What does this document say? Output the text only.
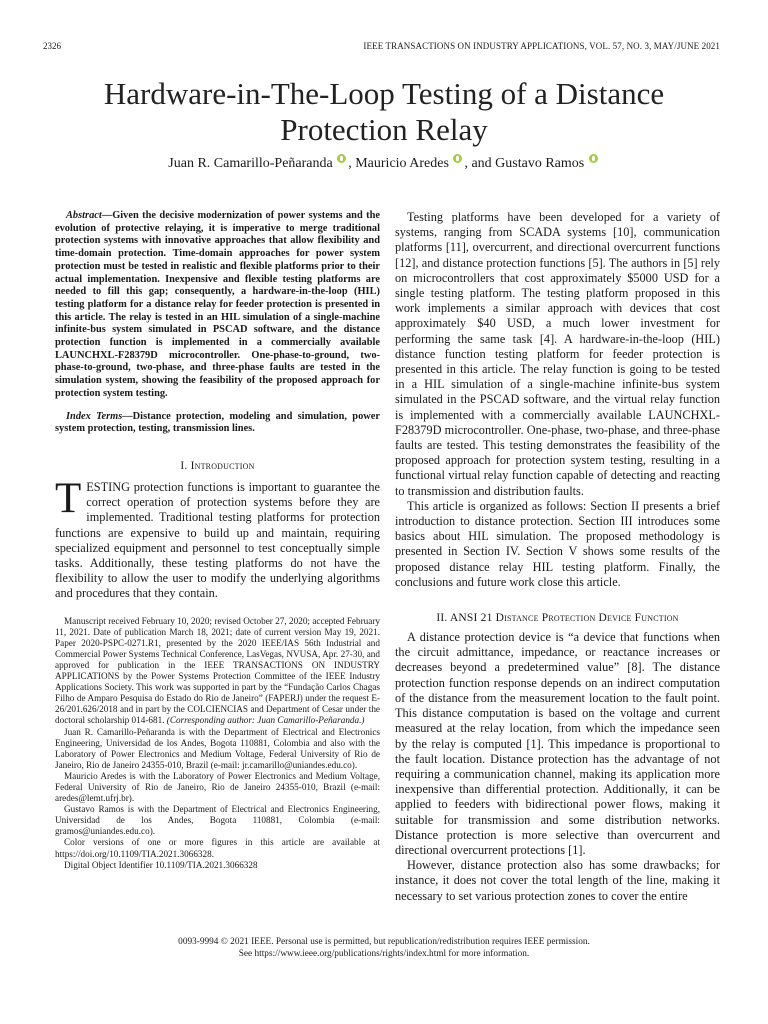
2326	IEEE TRANSACTIONS ON INDUSTRY APPLICATIONS, VOL. 57, NO. 3, MAY/JUNE 2021
Hardware-in-The-Loop Testing of a Distance
Protection Relay
Juan R. Camarillo-Peñaranda , Mauricio Aredes , and Gustavo Ramos

Abstract—Given the decisive modernization of power systems and the evolution of protective relaying, it is imperative to merge traditional protection systems with innovative approaches that allow flexibility and time-domain protection. Time-domain approaches for power system protection must be tested in realistic and flexible platforms prior to their actual implementation. Inexpensive and flexible testing platforms are needed to fill this gap; consequently, a hardware-in-the-loop (HIL) testing platform for a distance relay for feeder protection is presented in this article. The relay is tested in an HIL simulation of a single-machine infinite-bus system simulated in PSCAD software, and the distance protection function is implemented in a commercially available LAUNCHXL-F28379D microcontroller. One-phase-to-ground, two-phase-to-ground, two-phase, and three-phase faults are tested in the simulation system, showing the feasibility of the proposed approach for protection system testing.

Index Terms—Distance protection, modeling and simulation, power system protection, testing, transmission lines.

I. Introduction

TESTING protection functions is important to guarantee the correct operation of protection systems before they are implemented. Traditional testing platforms for protection functions are expensive to build up and maintain, requiring specialized equipment and personnel to test conceptually simple tasks. Additionally, these testing platforms do not have the flexibility to allow the user to modify the underlying algorithms and procedures that they contain.

Manuscript received February 10, 2020; revised October 27, 2020; accepted February 11, 2021. Date of publication March 18, 2021; date of current version May 19, 2021. Paper 2020-PSPC-0271.R1, presented by the 2020 IEEE/IAS 56th Industrial and Commercial Power Systems Technical Conference, LasVegas, NVUSA, Apr. 27-30, and approved for publication in the IEEE TRANSACTIONS ON INDUSTRY APPLICATIONS by the Power Systems Protection Committee of the IEEE Industry Applications Society. This work was supported in part by the “Fundação Carlos Chagas Filho de Amparo Pesquisa do Estado do Rio de Janeiro” (FAPERJ) under the request E-26/201.626/2018 and in part by the COLCIENCIAS and Department of Cesar under the doctoral scholarship 014-681. (Corresponding author: Juan Camarillo-Peñaranda.)

Juan R. Camarillo-Peñaranda is with the Department of Electrical and Electronics Engineering, Universidad de los Andes, Bogota 110881, Colombia and also with the Laboratory of Power Electronics and Medium Voltage, Federal University of Rio de Janeiro, Rio de Janeiro 24355-010, Brazil (e-mail: jr.camarillo@uniandes.edu.co).

Mauricio Aredes is with the Laboratory of Power Electronics and Medium Voltage, Federal University of Rio de Janeiro, Rio de Janeiro 24355-010, Brazil (e-mail: aredes@lemt.ufrj.br).

Gustavo Ramos is with the Department of Electrical and Electronics Engineering, Universidad de los Andes, Bogota 110881, Colombia (e-mail: gramos@uniandes.edu.co).

Color versions of one or more figures in this article are available at https://doi.org/10.1109/TIA.2021.3066328.

Digital Object Identifier 10.1109/TIA.2021.3066328

Testing platforms have been developed for a variety of systems, ranging from SCADA systems [10], communication platforms [11], overcurrent, and directional overcurrent functions [12], and distance protection functions [5]. The authors in [5] rely on microcontrollers that cost approximately $5000 USD for a single testing platform. The testing platform proposed in this work implements a similar approach with devices that cost approximately $40 USD, a much lower investment for performing the same task [4]. A hardware-in-the-loop (HIL) distance function testing platform for feeder protection is presented in this article. The relay function is going to be tested in a HIL simulation of a single-machine infinite-bus system simulated in the PSCAD software, and the virtual relay function is implemented with a commercially available LAUNCHXL-F28379D microcontroller. One-phase, two-phase, and three-phase faults are tested. This testing demonstrates the feasibility of the proposed approach for protection system testing, resulting in a functional virtual relay function capable of detecting and reacting to transmission and distribution faults.

This article is organized as follows: Section II presents a brief introduction to distance protection. Section III introduces some basics about HIL simulation. The proposed methodology is presented in Section IV. Section V shows some results of the proposed distance relay HIL testing platform. Finally, the conclusions and future work close this article.

II. ANSI 21 Distance Protection Device Function

A distance protection device is “a device that functions when the circuit admittance, impedance, or reactance increases or decreases beyond a predetermined value” [8]. The distance protection function response depends on an indirect computation of the distance from the measurement location to the fault point. This distance computation is based on the voltage and current measured at the relay location, from which the impedance seen by the relay is computed [1]. This impedance is proportional to the fault location. Distance protection has the advantage of not requiring a communication channel, making its application more inexpensive than differential protection. Additionally, it can be applied to feeders with bidirectional power flows, making it suitable for transmission and some distribution networks. Distance protection is more selective than overcurrent and directional overcurrent protections [1].

However, distance protection also has some drawbacks; for instance, it does not cover the total length of the line, making it necessary to set various protection zones to cover the entire

0093-9994 © 2021 IEEE. Personal use is permitted, but republication/redistribution requires IEEE permission.
See https://www.ieee.org/publications/rights/index.html for more information.
